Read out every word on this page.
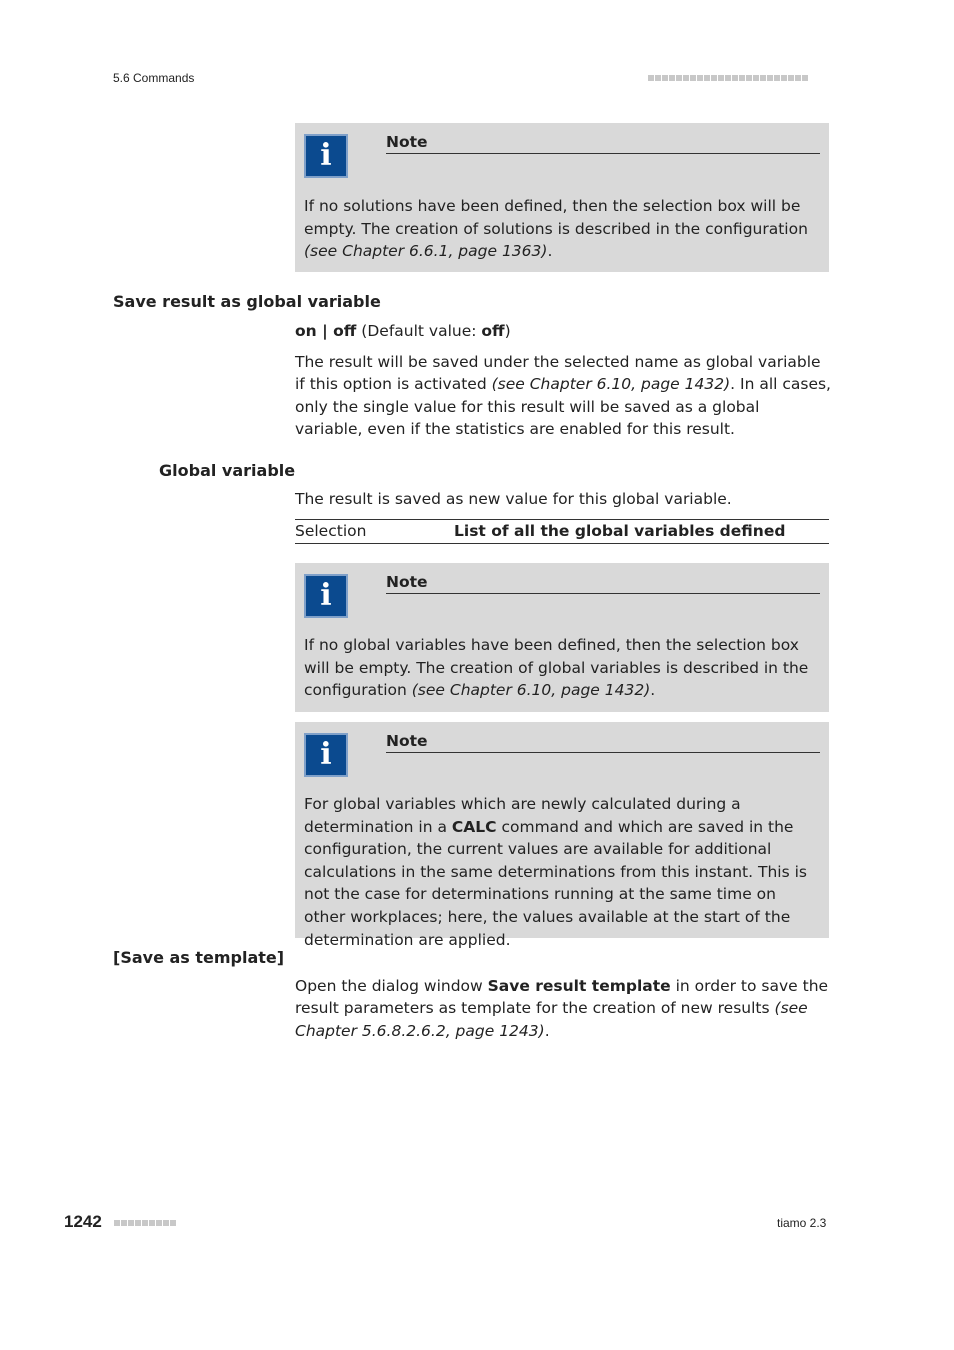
5.6 Commands
i	Note
If no solutions have been defined, then the selection box will be empty. The creation of solutions is described in the configuration (see Chapter 6.6.1, page 1363).
Save result as global variable
on | off (Default value: off)
The result will be saved under the selected name as global variable if this option is activated (see Chapter 6.10, page 1432). In all cases, only the single value for this result will be saved as a global variable, even if the statistics are enabled for this result.
Global variable
The result is saved as new value for this global variable.
Selection	List of all the global variables defined
i	Note
If no global variables have been defined, then the selection box will be empty. The creation of global variables is described in the configuration (see Chapter 6.10, page 1432).
i	Note
For global variables which are newly calculated during a determination in a CALC command and which are saved in the configuration, the current values are available for additional calculations in the same determinations from this instant. This is not the case for determinations running at the same time on other workplaces; here, the values available at the start of the determination are applied.
[Save as template]
Open the dialog window Save result template in order to save the result parameters as template for the creation of new results (see Chapter 5.6.8.2.6.2, page 1243).
1242	tiamo 2.3
